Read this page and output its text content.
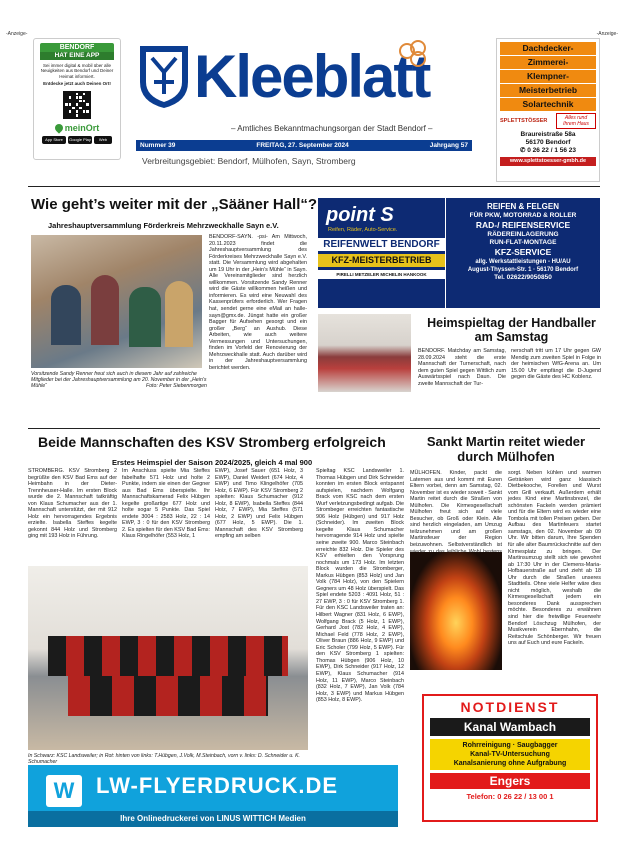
-Anzeige-	-Anzeige-
BENDORF
HAT EINE APP
Sei immer digital & mobil über alle Neuigkeiten aus Bendorf und Deiner Heimat informiert.
Entdecke jetzt auch Deinen Ort!
meinOrt
App Store	Google Play	Web
Kleeblatt
– Amtliches Bekanntmachungsorgan der Stadt Bendorf –
Nummer 39	FREITAG, 27. September 2024	Jahrgang 57
Verbreitungsgebiet: Bendorf, Mülhofen, Sayn, Stromberg
Dachdecker-
Zimmerei-
Klempner-
Meisterbetrieb
Solartechnik
SPLETTSTÖSSER	Alles rund Ihrem Haus
Braureistraße 58a
56170 Bendorf
✆ 0 26 22 / 1 56 23
www.splettstoesser-gmbh.de
Wie geht’s weiter mit der „Sääner Hall“?
Jahreshauptversammlung Förderkreis Mehrzweckhalle Sayn e.V.
Vorsitzende Sandy Renner freut sich auch in diesem Jahr auf zahlreiche Mitglieder bei der Jahreshauptversammlung am 20. November in der „Hein’s Mühle“	Foto: Peter Siebenmorgen
BENDORF-SAYN. -psi- Am Mittwoch, 20.11.2023 findet die Jahreshauptversammlung des Förderkreises Mehrzweckhalle Sayn e.V. statt. Die Versammlung wird abgehalten um 19 Uhr in der „Hein’s Mühle“ in Sayn. Alle Vereinsmitglieder sind herzlich willkommen. Vorsitzende Sandy Renner wird die Gäste willkommen heißen und informieren. Es wird eine Neuwahl des Kassenprüfers erforderlich. Wer Fragen hat, sendet gerne eine eMail an halle-sayn@gmx.de. Jüngst hatte ein großer Bagger für Aufsehen gesorgt und ein großer „Berg“ an Aushub. Diese Arbeiten, wie auch weitere Vermessungen und Untersuchungen, finden im Vorfeld der Renovierung der Mehrzweckhalle statt. Auch darüber wird in der Jahreshauptversammlung berichtet werden.
point S
Reifen, Räder, Auto-Service.
REIFENWELT BENDORF
KFZ-MEISTERBETRIEB
PIRELLI METZELER MICHELIN HANKOOK
REIFEN & FELGEN
FÜR PKW, MOTORRAD & ROLLER
RAD-/ REIFENSERVICE
RÄDEREINLAGERUNG
RUN-FLAT-MONTAGE
KFZ-SERVICE
allg. Werkstattleistungen - HU/AU
August-Thyssen-Str. 1 · 56170 Bendorf
Tel. 02622/9050850
Heimspieltag der Handballer am Samstag
BENDORF. Matchday am Samstag, 28.09.2024 steht die erste Mannschaft der Turnerschaft, nach dem guten Spiel gegen Wittlich zum Auswärtsspiel nach Daun. Die zweite Mannschaft der Tur-
nerschaft tritt um 17 Uhr gegen GW Mendig zum zweiten Spiel in Folge in der heimischen WfG-Arena an. Um 15.00 Uhr empfängt die D-Jugend gegen die Gäste des HC Koblenz.
Beide Mannschaften des KSV Stromberg erfolgreich
Erstes Heimspiel der Saison 2024/2025, gleich 4 mal 900
STROMBERG. KSV Stromberg 2 begrüßte den KSV Bad Ems auf der Heimbahn in der Dieter-Trennheuser-Halle. Im ersten Block wurde die 2. Mannschaft tatkräftig von Klaus Schumacher aus der 1. Mannschaft unterstützt, der mit 912 Holz ein hervorragendes Ergebnis erzielte. Isabella Steffes kegelte gekonnt 844 Holz und Stromberg ging mit 193 Holz in Führung.
Im Anschluss spielte Mia Steffes fabelhafte 571 Holz und holte 2 Punkte, indem sie einen der Gegner aus Bad Ems überspielte. Ihr Mannschaftskamerad Felix Hübgen kegelte großartige 677 Holz und holte sogar 5 Punkte. Das Spiel endete 3004 : 2583 Holz, 22 : 14 EWP, 3 : 0 für den KSV Stromberg 2. Es spielten für den KSV Bad Ems: Klaus Ringelhöfer (553 Holz, 1
EWP), Josef Sauer (651 Holz, 3 EWP), Daniel Weidert (674 Holz, 4 EWP) und Timo Klingelhöfer (705 Holz, 6 EWP). Für KSV Stromberg 2 spielten: Klaus Schumacher (912 Holz, 8 EWP), Isabella Steffes (844 Holz, 7 EWP), Mia Steffes (571 Holz, 2 EWP) und Felix Hübgen (677 Holz, 5 EWP). Die 1. Mannschaft des KSV Stromberg empfing am selben
Spieltag KSC Landsweiler 1. Thomas Hübgen und Dirk Schneider konnten im ersten Block entspannt aufspielen, nachdem Wolfgang Brack vom KSC nach dem ersten Wurf verletzungsbedingt aufgab. Die Strombeger erreichten fantastische 906 Holz (Hübgen) und 917 Holz (Schneider). Im zweiten Block kegelte Klaus Schumacher hervorragende 914 Holz und spielte seine zweite 900. Marco Steinbach erreichte 832 Holz. Die Spieler des KSV erhielten den Vorsprung nochmals um 173 Holz. Im letzten Block wurden die Stromberger, Markus Hübgen (853 Holz) und Jan Volk (784 Holz), von den Spielern Gegners um 48 Holz überspielt. Das Spiel endete 5203 : 4091 Holz, 51 : 27 EWP, 3 : 0 für KSV Stromberg 1. Für den KSC Landsweiler traten an: Hilbert Wagner (831 Holz, 6 EWP), Wolfgang Brack (5 Holz, 1 EWP), Gerhard Jost (782 Holz, 4 EWP), Michael Feld (778 Holz, 2 EWP), Oliver Braun (886 Holz, 9 EWP) und Eric Scholer (799 Holz, 5 EWP). Für den KSV Stromberg 1 spielten: Thomas Hübgen (906 Holz, 10 EWP), Dirk Schneider (917 Holz, 12 EWP), Klaus Schumacher (914 Holz, 11 EWP), Marco Steinbach (832 Holz, 7 EWP), Jan Volk (784 Holz, 3 EWP) und Markus Hübgen (853 Holz, 8 EWP).
In Schwarz: KSC Landsweiler; in Rot: hinten von links: T.Hübgen, J.Volk, M.Steinbach, vorn v. links: D. Schneider u. K. Schumacher
Sankt Martin reitet wieder durch Mülhofen
MÜLHOFEN. Kinder, packt die Laternen aus und kommt mit Euren Eltern vorbei, denn am Samstag, 02. November ist es wieder soweit - Sankt Martin reitet durch die Straßen von Mülhofen. Die Kirmesgesellschaft Mülhofen freut sich auf viele Besucher, ob Groß oder Klein. Alle sind herzlich eingeladen, am Umzug teilzunehmen und am großen Martinsfeuer der Region beizuwohnen. Selbstverständlich ist
sorgt. Neben kühlen und warmen Getränken wird ganz klassisch Dietbekooche, Forellen und Wurst vom Grill verkauft. Außerdem erhält jedes Kind eine Martinsbrezel, die schönsten Fackeln werden prämiert und für die Eltern wird es wieder eine Tombola mit tollen Preisen geben. Der Aufbau des Martinfeuers startet samstags, den 02. November ab 09 Uhr. Wir bitten darum, Ihre Spenden für alle alter Baumrückschnitte auf den Kirmesplatz zu bringen. Der Martinsumzug stellt sich wie gewohnt ab 17:30 Uhr in der Clemens-Maria-Hofbauerstraße auf und zieht ab 18 Uhr durch die Straßen unseres Stadtteils. Ohne viele Helfer wäre dies nicht möglich, weshalb die Kirmesgesellschaft jedem ein besonderes Dank aussprechen möchte. Besonderes zu erwähnen sind hier die freiwillige Feuerwehr Bendorf Löschzug Mülhofen, der Musikverein Ebernhahn, die Reitschule Schönberger. Wir freuen uns auf Euch und eure Fackeln.
NOTDIENST
Kanal Wambach
Rohrreinigung · Saugbagger
Kanal-TV-Untersuchung
Kanalsanierung ohne Aufgrabung
Engers
Telefon: 0 26 22 / 13 00 1
W LW-FLYERDRUCK.DE
Ihre Onlinedruckerei von LINUS WITTICH Medien
